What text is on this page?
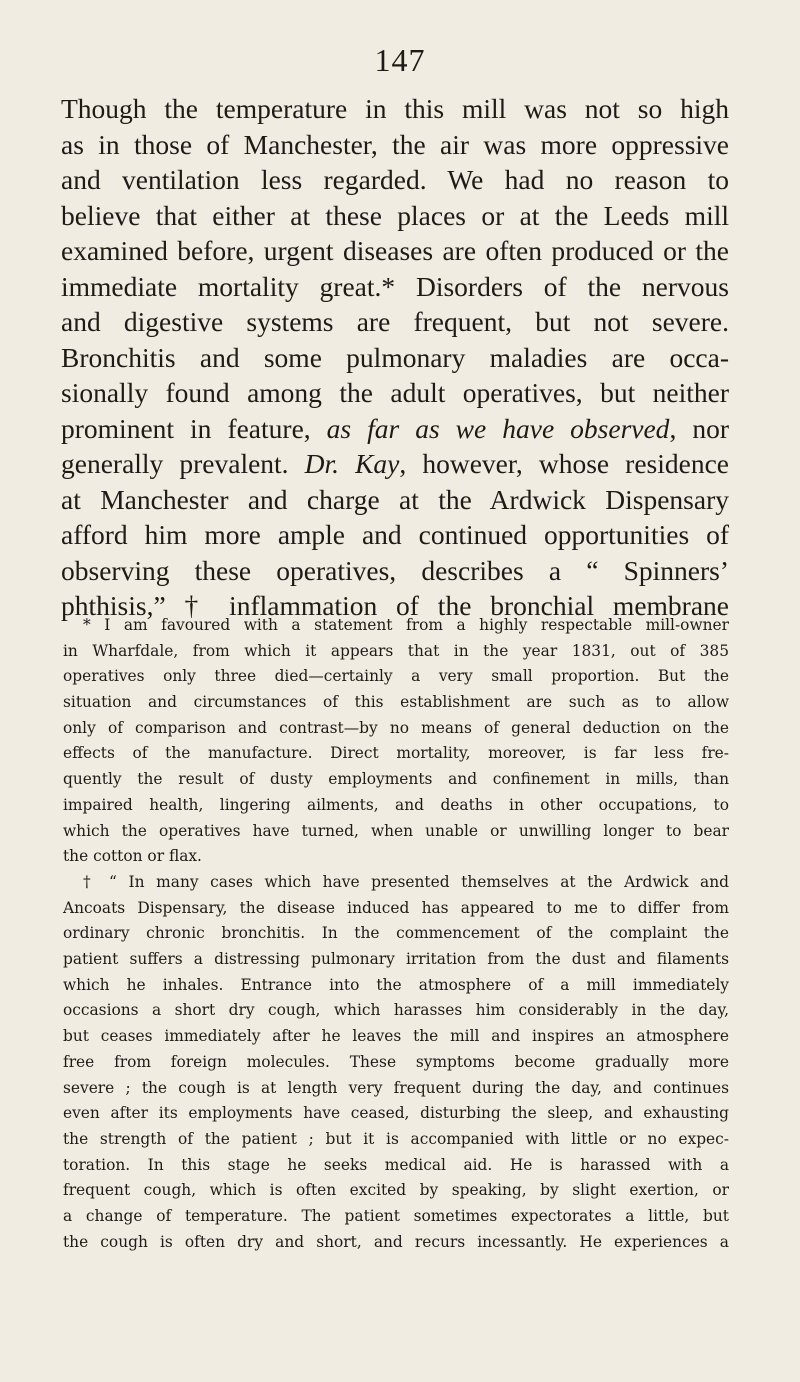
147
Though the temperature in this mill was not so high
as in those of Manchester, the air was more oppressive
and ventilation less regarded. We had no reason to
believe that either at these places or at the Leeds mill
examined before, urgent diseases are often produced or the
immediate mortality great.* Disorders of the nervous
and digestive systems are frequent, but not severe.
Bronchitis and some pulmonary maladies are occa-
sionally found among the adult operatives, but neither
prominent in feature, as far as we have observed, nor
generally prevalent. Dr. Kay, however, whose residence
at Manchester and charge at the Ardwick Dispensary
afford him more ample and continued opportunities of
observing these operatives, describes a “ Spinners’
phthisis,” † inflammation of the bronchial membrane
* I am favoured with a statement from a highly respectable mill-owner
in Wharfdale, from which it appears that in the year 1831, out of 385
operatives only three died—certainly a very small proportion. But the
situation and circumstances of this establishment are such as to allow
only of comparison and contrast—by no means of general deduction on the
effects of the manufacture. Direct mortality, moreover, is far less fre-
quently the result of dusty employments and confinement in mills, than
impaired health, lingering ailments, and deaths in other occupations, to
which the operatives have turned, when unable or unwilling longer to bear
the cotton or flax.
† “ In many cases which have presented themselves at the Ardwick and
Ancoats Dispensary, the disease induced has appeared to me to differ from
ordinary chronic bronchitis. In the commencement of the complaint the
patient suffers a distressing pulmonary irritation from the dust and filaments
which he inhales. Entrance into the atmosphere of a mill immediately
occasions a short dry cough, which harasses him considerably in the day,
but ceases immediately after he leaves the mill and inspires an atmosphere
free from foreign molecules. These symptoms become gradually more
severe ; the cough is at length very frequent during the day, and continues
even after its employments have ceased, disturbing the sleep, and exhausting
the strength of the patient ; but it is accompanied with little or no expec-
toration. In this stage he seeks medical aid. He is harassed with a
frequent cough, which is often excited by speaking, by slight exertion, or
a change of temperature. The patient sometimes expectorates a little, but
the cough is often dry and short, and recurs incessantly. He experiences a
